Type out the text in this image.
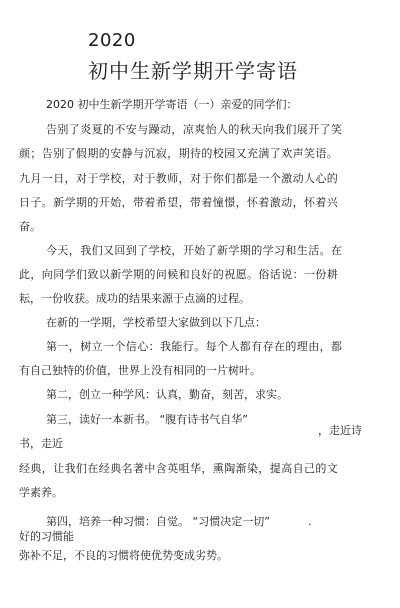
2020
初中生新学期开学寄语
2020 初中生新学期开学寄语（一）亲爱的同学们：
告别了炎夏的不安与躁动，凉爽怡人的秋天向我们展开了笑
颜；告别了假期的安静与沉寂，期待的校园又充满了欢声笑语。
九月一日，对于学校，对于教师，对于你们都是一个激动人心的
日子。新学期的开始，带着希望，带着憧憬，怀着激动，怀着兴
奋。
今天，我们又回到了学校，开始了新学期的学习和生活。在
此，向同学们致以新学期的问候和良好的祝愿。俗话说：一份耕
耘，一份收获。成功的结果来源于点滴的过程。
在新的一学期，学校希望大家做到以下几点：
第一，树立一个信心：我能行。每个人都有存在的理由，都
有自己独特的价值，世界上没有相同的一片树叶。
第二，创立一种学风：认真，勤奋，刻苦，求实。
第三，读好一本新书。 “腹有诗书气自华”
，走近诗
书，走近
经典，让我们在经典名著中含英咀华，熏陶渐染，提高自己的文
学素养。
第四，培养一种习惯：自觉。 “习惯决定一切”	.
好的习惯能
弥补不足，不良的习惯将使优势变成劣势。
